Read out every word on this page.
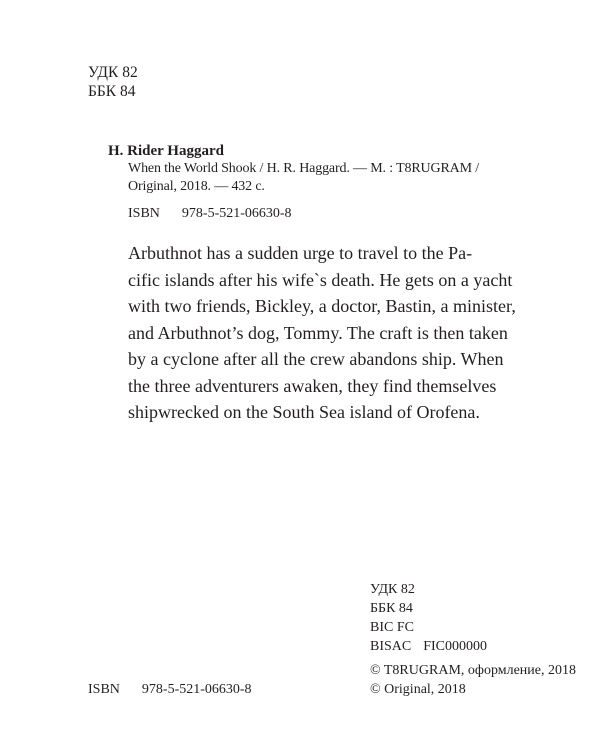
УДК 82
ББК 84
H. Rider Haggard
When the World Shook / H. R. Haggard. — M. : T8RUGRAM /
Original, 2018. — 432 c.
ISBN 978-5-521-06630-8
Arbuthnot has a sudden urge to travel to the Pa-
cific islands after his wife`s death. He gets on a yacht
with two friends, Bickley, a doctor, Bastin, a minister,
and Arbuthnot’s dog, Tommy. The craft is then taken
by a cyclone after all the crew abandons ship. When
the three adventurers awaken, they find themselves
shipwrecked on the South Sea island of Orofena.
УДК 82
ББК 84
BIC FC
BISAC FIC000000
© T8RUGRAM, оформление, 2018
© Original, 2018
ISBN 978-5-521-06630-8
